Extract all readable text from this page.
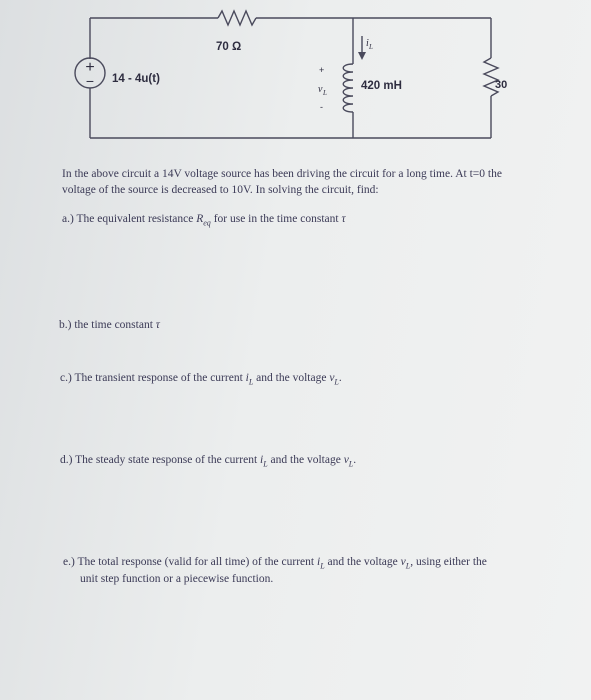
+
− 14 - 4u(t)
70 Ω
420 mH	30
i L
v L
+
-
In the above circuit a 14V voltage source has been driving the circuit for a long time. At t=0 the
voltage of the source is decreased to 10V. In solving the circuit, find:
a.) The equivalent resistance $R_{eq}$ for use in the time constant τ
b.) the time constant τ
c.) The transient response of the current $i_L$ and the voltage $v_L$.
d.) The steady state response of the current $i_L$ and the voltage $v_L$.
e.) The total response (valid for all time) of the current $i_L$ and the voltage $v_L$, using either the
unit step function or a piecewise function.
